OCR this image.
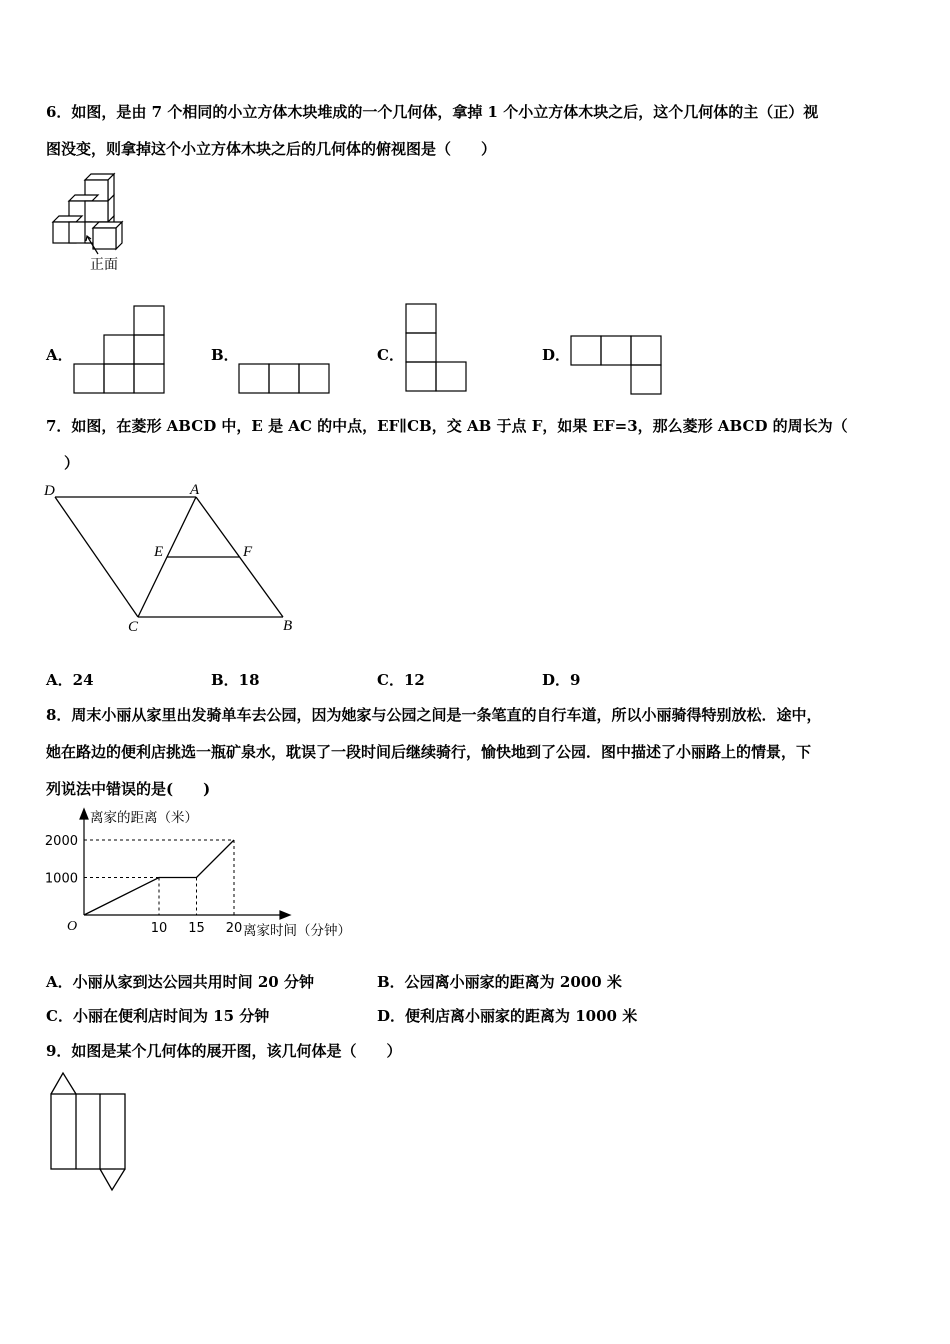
6．如图，是由 7 个相同的小立方体木块堆成的一个几何体，拿掉 1 个小立方体木块之后，这个几何体的主（正）视
图没变，则拿掉这个小立方体木块之后的几何体的俯视图是（　　）
正面
A．	B．	C．	D．
7．如图，在菱形 ABCD 中，E 是 AC 的中点，EF∥CB，交 AB 于点 F，如果 EF=3，那么菱形 ABCD 的周长为（
）
D	A
E	F
C	B
A．24	B．18	C．12	D．9
8．周末小丽从家里出发骑单车去公园，因为她家与公园之间是一条笔直的自行车道，所以小丽骑得特别放松．途中，
她在路边的便利店挑选一瓶矿泉水，耽误了一段时间后继续骑行，愉快地到了公园．图中描述了小丽路上的情景，下
列说法中错误的是(　　)
离家的距离（米）
离家时间（分钟）
O	10 15 20
1000
2000
A．小丽从家到达公园共用时间 20 分钟	B．公园离小丽家的距离为 2000 米
C．小丽在便利店时间为 15 分钟	D．便利店离小丽家的距离为 1000 米
9．如图是某个几何体的展开图，该几何体是（　　）
